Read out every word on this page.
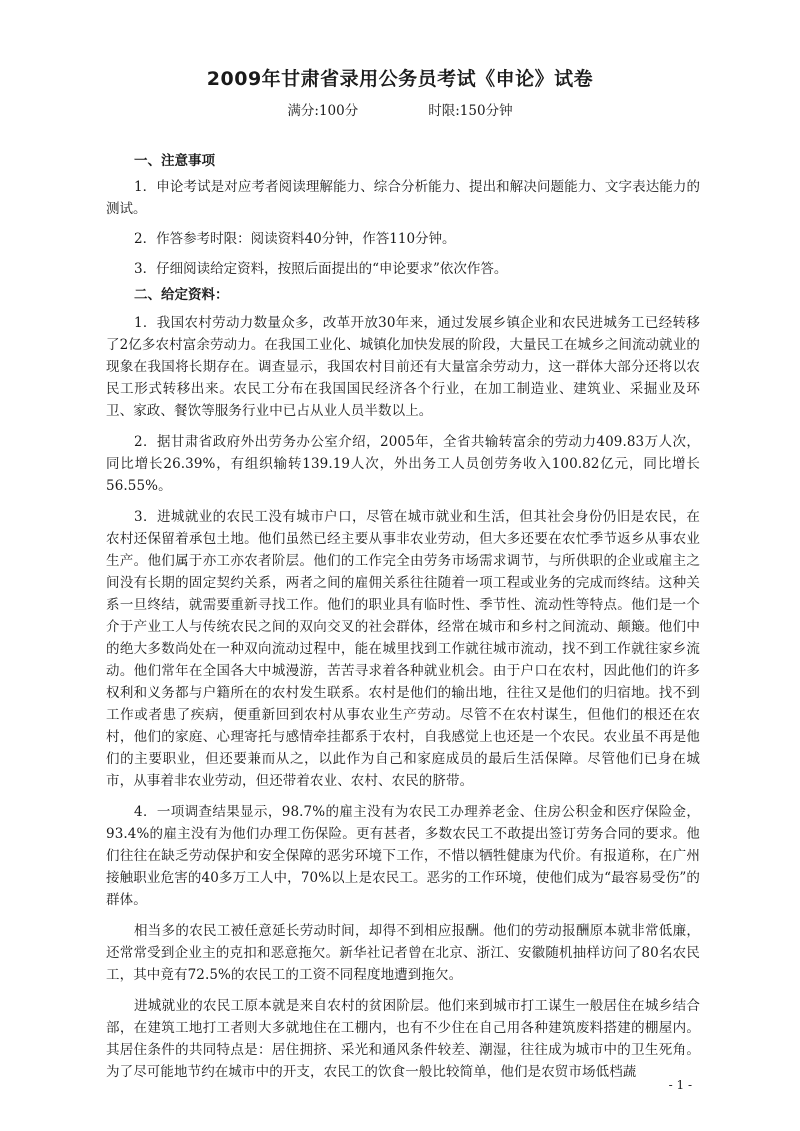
2009年甘肃省录用公务员考试《申论》试卷
满分:100分	时限:150分钟
一、注意事项

1．申论考试是对应考者阅读理解能力、综合分析能力、提出和解决问题能力、文字表达能力的测试。

2．作答参考时限：阅读资料40分钟，作答110分钟。

3．仔细阅读给定资料，按照后面提出的“申论要求”依次作答。

二、给定资料：

1．我国农村劳动力数量众多，改革开放30年来，通过发展乡镇企业和农民进城务工已经转移了2亿多农村富余劳动力。在我国工业化、城镇化加快发展的阶段，大量民工在城乡之间流动就业的现象在我国将长期存在。调查显示，我国农村目前还有大量富余劳动力，这一群体大部分还将以农民工形式转移出来。农民工分布在我国国民经济各个行业，在加工制造业、建筑业、采掘业及环卫、家政、餐饮等服务行业中已占从业人员半数以上。

2．据甘肃省政府外出劳务办公室介绍，2005年，全省共输转富余的劳动力409.83万人次，同比增长26.39%，有组织输转139.19人次，外出务工人员创劳务收入100.82亿元，同比增长56.55%。

3．进城就业的农民工没有城市户口，尽管在城市就业和生活，但其社会身份仍旧是农民，在农村还保留着承包土地。他们虽然已经主要从事非农业劳动，但大多还要在农忙季节返乡从事农业生产。他们属于亦工亦农者阶层。他们的工作完全由劳务市场需求调节，与所供职的企业或雇主之间没有长期的固定契约关系，两者之间的雇佣关系往往随着一项工程或业务的完成而终结。这种关系一旦终结，就需要重新寻找工作。他们的职业具有临时性、季节性、流动性等特点。他们是一个介于产业工人与传统农民之间的双向交叉的社会群体，经常在城市和乡村之间流动、颠簸。他们中的绝大多数尚处在一种双向流动过程中，能在城里找到工作就往城市流动，找不到工作就往家乡流动。他们常年在全国各大中城漫游，苦苦寻求着各种就业机会。由于户口在农村，因此他们的许多权利和义务都与户籍所在的农村发生联系。农村是他们的输出地，往往又是他们的归宿地。找不到工作或者患了疾病，便重新回到农村从事农业生产劳动。尽管不在农村谋生，但他们的根还在农村，他们的家庭、心理寄托与感情牵挂都系于农村，自我感觉上也还是一个农民。农业虽不再是他们的主要职业，但还要兼而从之，以此作为自己和家庭成员的最后生活保障。尽管他们已身在城市，从事着非农业劳动，但还带着农业、农村、农民的脐带。

4．一项调查结果显示，98.7%的雇主没有为农民工办理养老金、住房公积金和医疗保险金，93.4%的雇主没有为他们办理工伤保险。更有甚者，多数农民工不敢提出签订劳务合同的要求。他们往往在缺乏劳动保护和安全保障的恶劣环境下工作，不惜以牺牲健康为代价。有报道称，在广州接触职业危害的40多万工人中，70%以上是农民工。恶劣的工作环境，使他们成为“最容易受伤”的群体。

相当多的农民工被任意延长劳动时间，却得不到相应报酬。他们的劳动报酬原本就非常低廉，还常常受到企业主的克扣和恶意拖欠。新华社记者曾在北京、浙江、安徽随机抽样访问了80名农民工，其中竟有72.5%的农民工的工资不同程度地遭到拖欠。

进城就业的农民工原本就是来自农村的贫困阶层。他们来到城市打工谋生一般居住在城乡结合部，在建筑工地打工者则大多就地住在工棚内，也有不少住在自己用各种建筑废料搭建的棚屋内。其居住条件的共同特点是：居住拥挤、采光和通风条件较差、潮湿，往往成为城市中的卫生死角。为了尽可能地节约在城市中的开支，农民工的饮食一般比较简单，他们是农贸市场低档蔬

- 1 -
